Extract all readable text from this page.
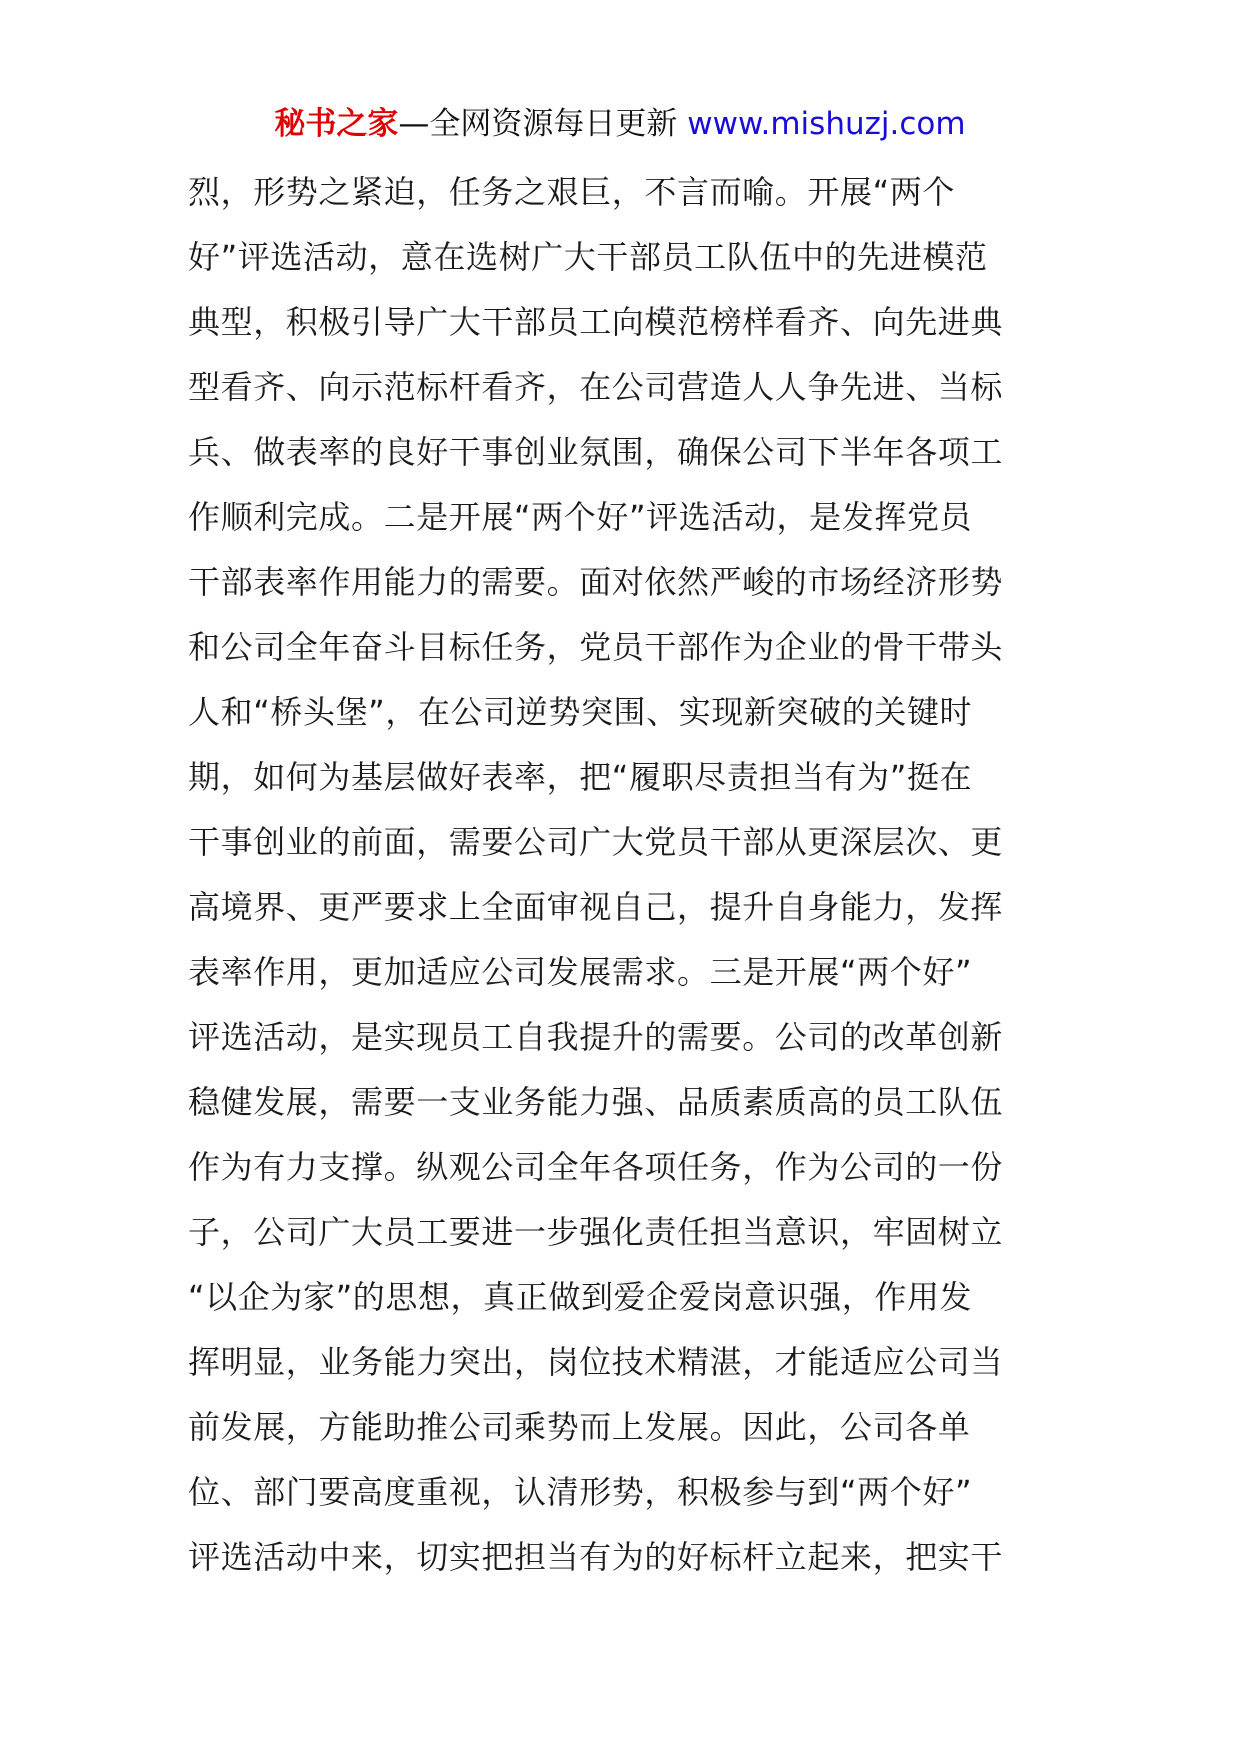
秘书之家—全网资源每日更新 www.mishuzj.com
烈，形势之紧迫，任务之艰巨，不言而喻。开展“两个
好”评选活动，意在选树广大干部员工队伍中的先进模范
典型，积极引导广大干部员工向模范榜样看齐、向先进典
型看齐、向示范标杆看齐，在公司营造人人争先进、当标
兵、做表率的良好干事创业氛围，确保公司下半年各项工
作顺利完成。二是开展“两个好”评选活动，是发挥党员
干部表率作用能力的需要。面对依然严峻的市场经济形势
和公司全年奋斗目标任务，党员干部作为企业的骨干带头
人和“桥头堡”，在公司逆势突围、实现新突破的关键时
期，如何为基层做好表率，把“履职尽责担当有为”挺在
干事创业的前面，需要公司广大党员干部从更深层次、更
高境界、更严要求上全面审视自己，提升自身能力，发挥
表率作用，更加适应公司发展需求。三是开展“两个好”
评选活动，是实现员工自我提升的需要。公司的改革创新
稳健发展，需要一支业务能力强、品质素质高的员工队伍
作为有力支撑。纵观公司全年各项任务，作为公司的一份
子，公司广大员工要进一步强化责任担当意识，牢固树立
“以企为家”的思想，真正做到爱企爱岗意识强，作用发
挥明显，业务能力突出，岗位技术精湛，才能适应公司当
前发展，方能助推公司乘势而上发展。因此，公司各单
位、部门要高度重视，认清形势，积极参与到“两个好”
评选活动中来，切实把担当有为的好标杆立起来，把实干
